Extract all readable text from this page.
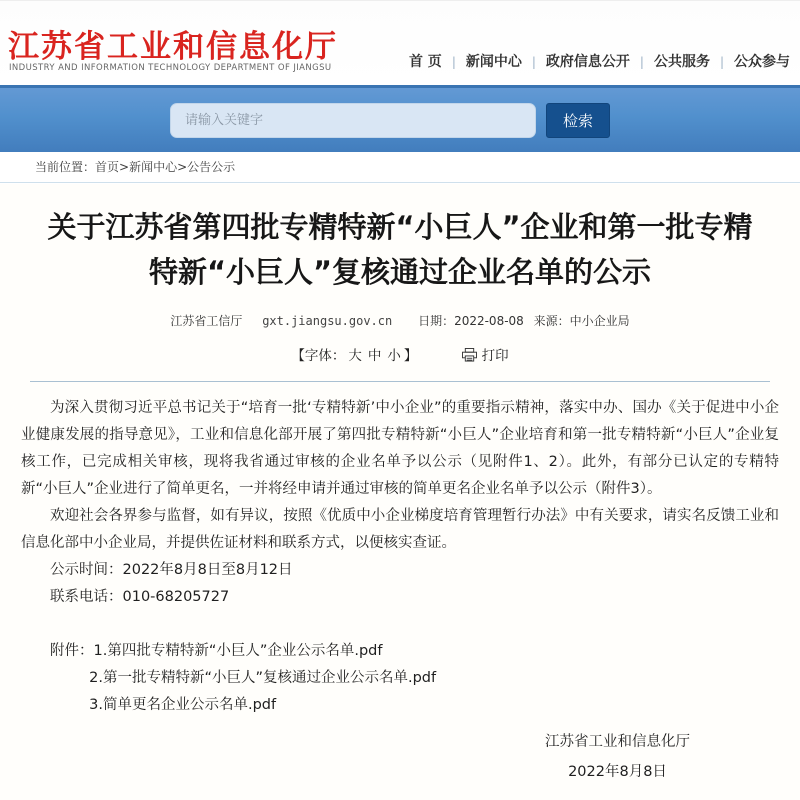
江苏省工业和信息化厅
INDUSTRY AND INFORMATION TECHNOLOGY DEPARTMENT OF JIANGSU	首 页 | 新闻中心 | 政府信息公开 | 公共服务 | 公众参与
请输入关键字
检索
当前位置：首页>新闻中心>公告公示
关于江苏省第四批专精特新“小巨人”企业和第一批专精特新“小巨人”复核通过企业名单的公示
江苏省工信厅 gxt.jiangsu.gov.cn 日期：2022-08-08 来源：中小企业局
【字体： 大 中 小 】	打印

为深入贯彻习近平总书记关于“培育一批‘专精特新’中小企业”的重要指示精神，落实中办、国办《关于促进中小企业健康发展的指导意见》，工业和信息化部开展了第四批专精特新“小巨人”企业培育和第一批专精特新“小巨人”企业复核工作，已完成相关审核，现将我省通过审核的企业名单予以公示（见附件1、2）。此外，有部分已认定的专精特新“小巨人”企业进行了简单更名，一并将经申请并通过审核的简单更名企业名单予以公示（附件3）。

欢迎社会各界参与监督，如有异议，按照《优质中小企业梯度培育管理暂行办法》中有关要求，请实名反馈工业和信息化部中小企业局，并提供佐证材料和联系方式，以便核实查证。

公示时间：2022年8月8日至8月12日

联系电话：010-68205727

附件：1.第四批专精特新“小巨人”企业公示名单.pdf

2.第一批专精特新“小巨人”复核通过企业公示名单.pdf

3.简单更名企业公示名单.pdf

江苏省工业和信息化厅
2022年8月8日
